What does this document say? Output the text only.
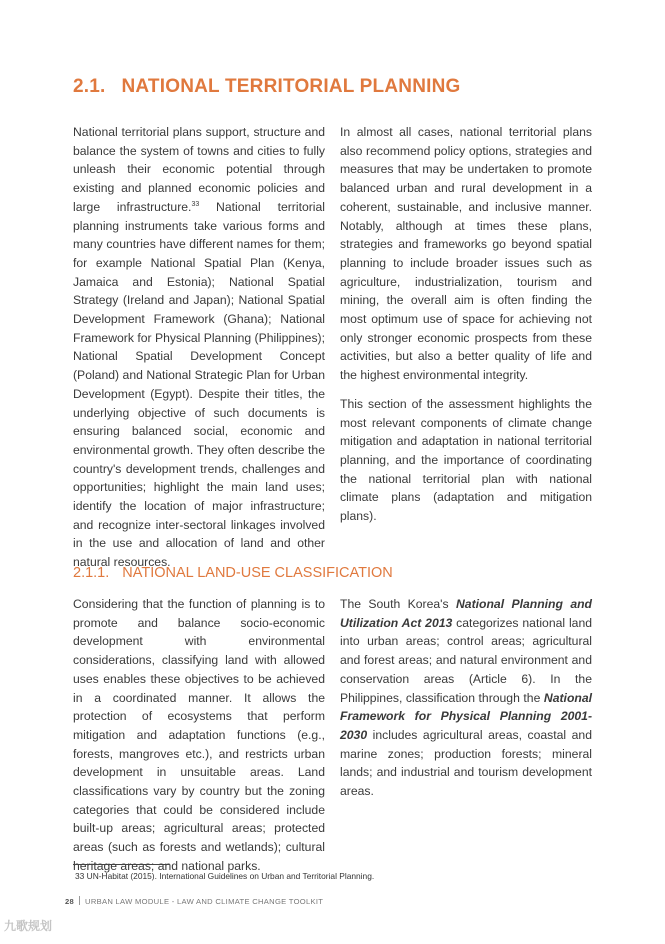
2.1. NATIONAL TERRITORIAL PLANNING

National territorial plans support, structure and balance the system of towns and cities to fully unleash their economic potential through existing and planned economic policies and large infrastructure.$^{33}$ National territorial planning instruments take various forms and many countries have different names for them; for example National Spatial Plan (Kenya, Jamaica and Estonia); National Spatial Strategy (Ireland and Japan); National Spatial Development Framework (Ghana); National Framework for Physical Planning (Philippines); National Spatial Development Concept (Poland) and National Strategic Plan for Urban Development (Egypt). Despite their titles, the underlying objective of such documents is ensuring balanced social, economic and environmental growth. They often describe the country's development trends, challenges and opportunities; highlight the main land uses; identify the location of major infrastructure; and recognize inter-sectoral linkages involved in the use and allocation of land and other natural resources.

In almost all cases, national territorial plans also recommend policy options, strategies and measures that may be undertaken to promote balanced urban and rural development in a coherent, sustainable, and inclusive manner. Notably, although at times these plans, strategies and frameworks go beyond spatial planning to include broader issues such as agriculture, industrialization, tourism and mining, the overall aim is often finding the most optimum use of space for achieving not only stronger economic prospects from these activities, but also a better quality of life and the highest environmental integrity.

This section of the assessment highlights the most relevant components of climate change mitigation and adaptation in national territorial planning, and the importance of coordinating the national territorial plan with national climate plans (adaptation and mitigation plans).

2.1.1. NATIONAL LAND-USE CLASSIFICATION

Considering that the function of planning is to promote and balance socio-economic development with environmental considerations, classifying land with allowed uses enables these objectives to be achieved in a coordinated manner. It allows the protection of ecosystems that perform mitigation and adaptation functions (e.g., forests, mangroves etc.), and restricts urban development in unsuitable areas. Land classifications vary by country but the zoning categories that could be considered include built-up areas; agricultural areas; protected areas (such as forests and wetlands); cultural heritage areas; and national parks.

The South Korea's National Planning and Utilization Act 2013 categorizes national land into urban areas; control areas; agricultural and forest areas; and natural environment and conservation areas (Article 6). In the Philippines, classification through the National Framework for Physical Planning 2001-2030 includes agricultural areas, coastal and marine zones; production forests; mineral lands; and industrial and tourism development areas.

33 UN-Habitat (2015). International Guidelines on Urban and Territorial Planning.
28 URBAN LAW MODULE - LAW AND CLIMATE CHANGE TOOLKIT
九歌规划
